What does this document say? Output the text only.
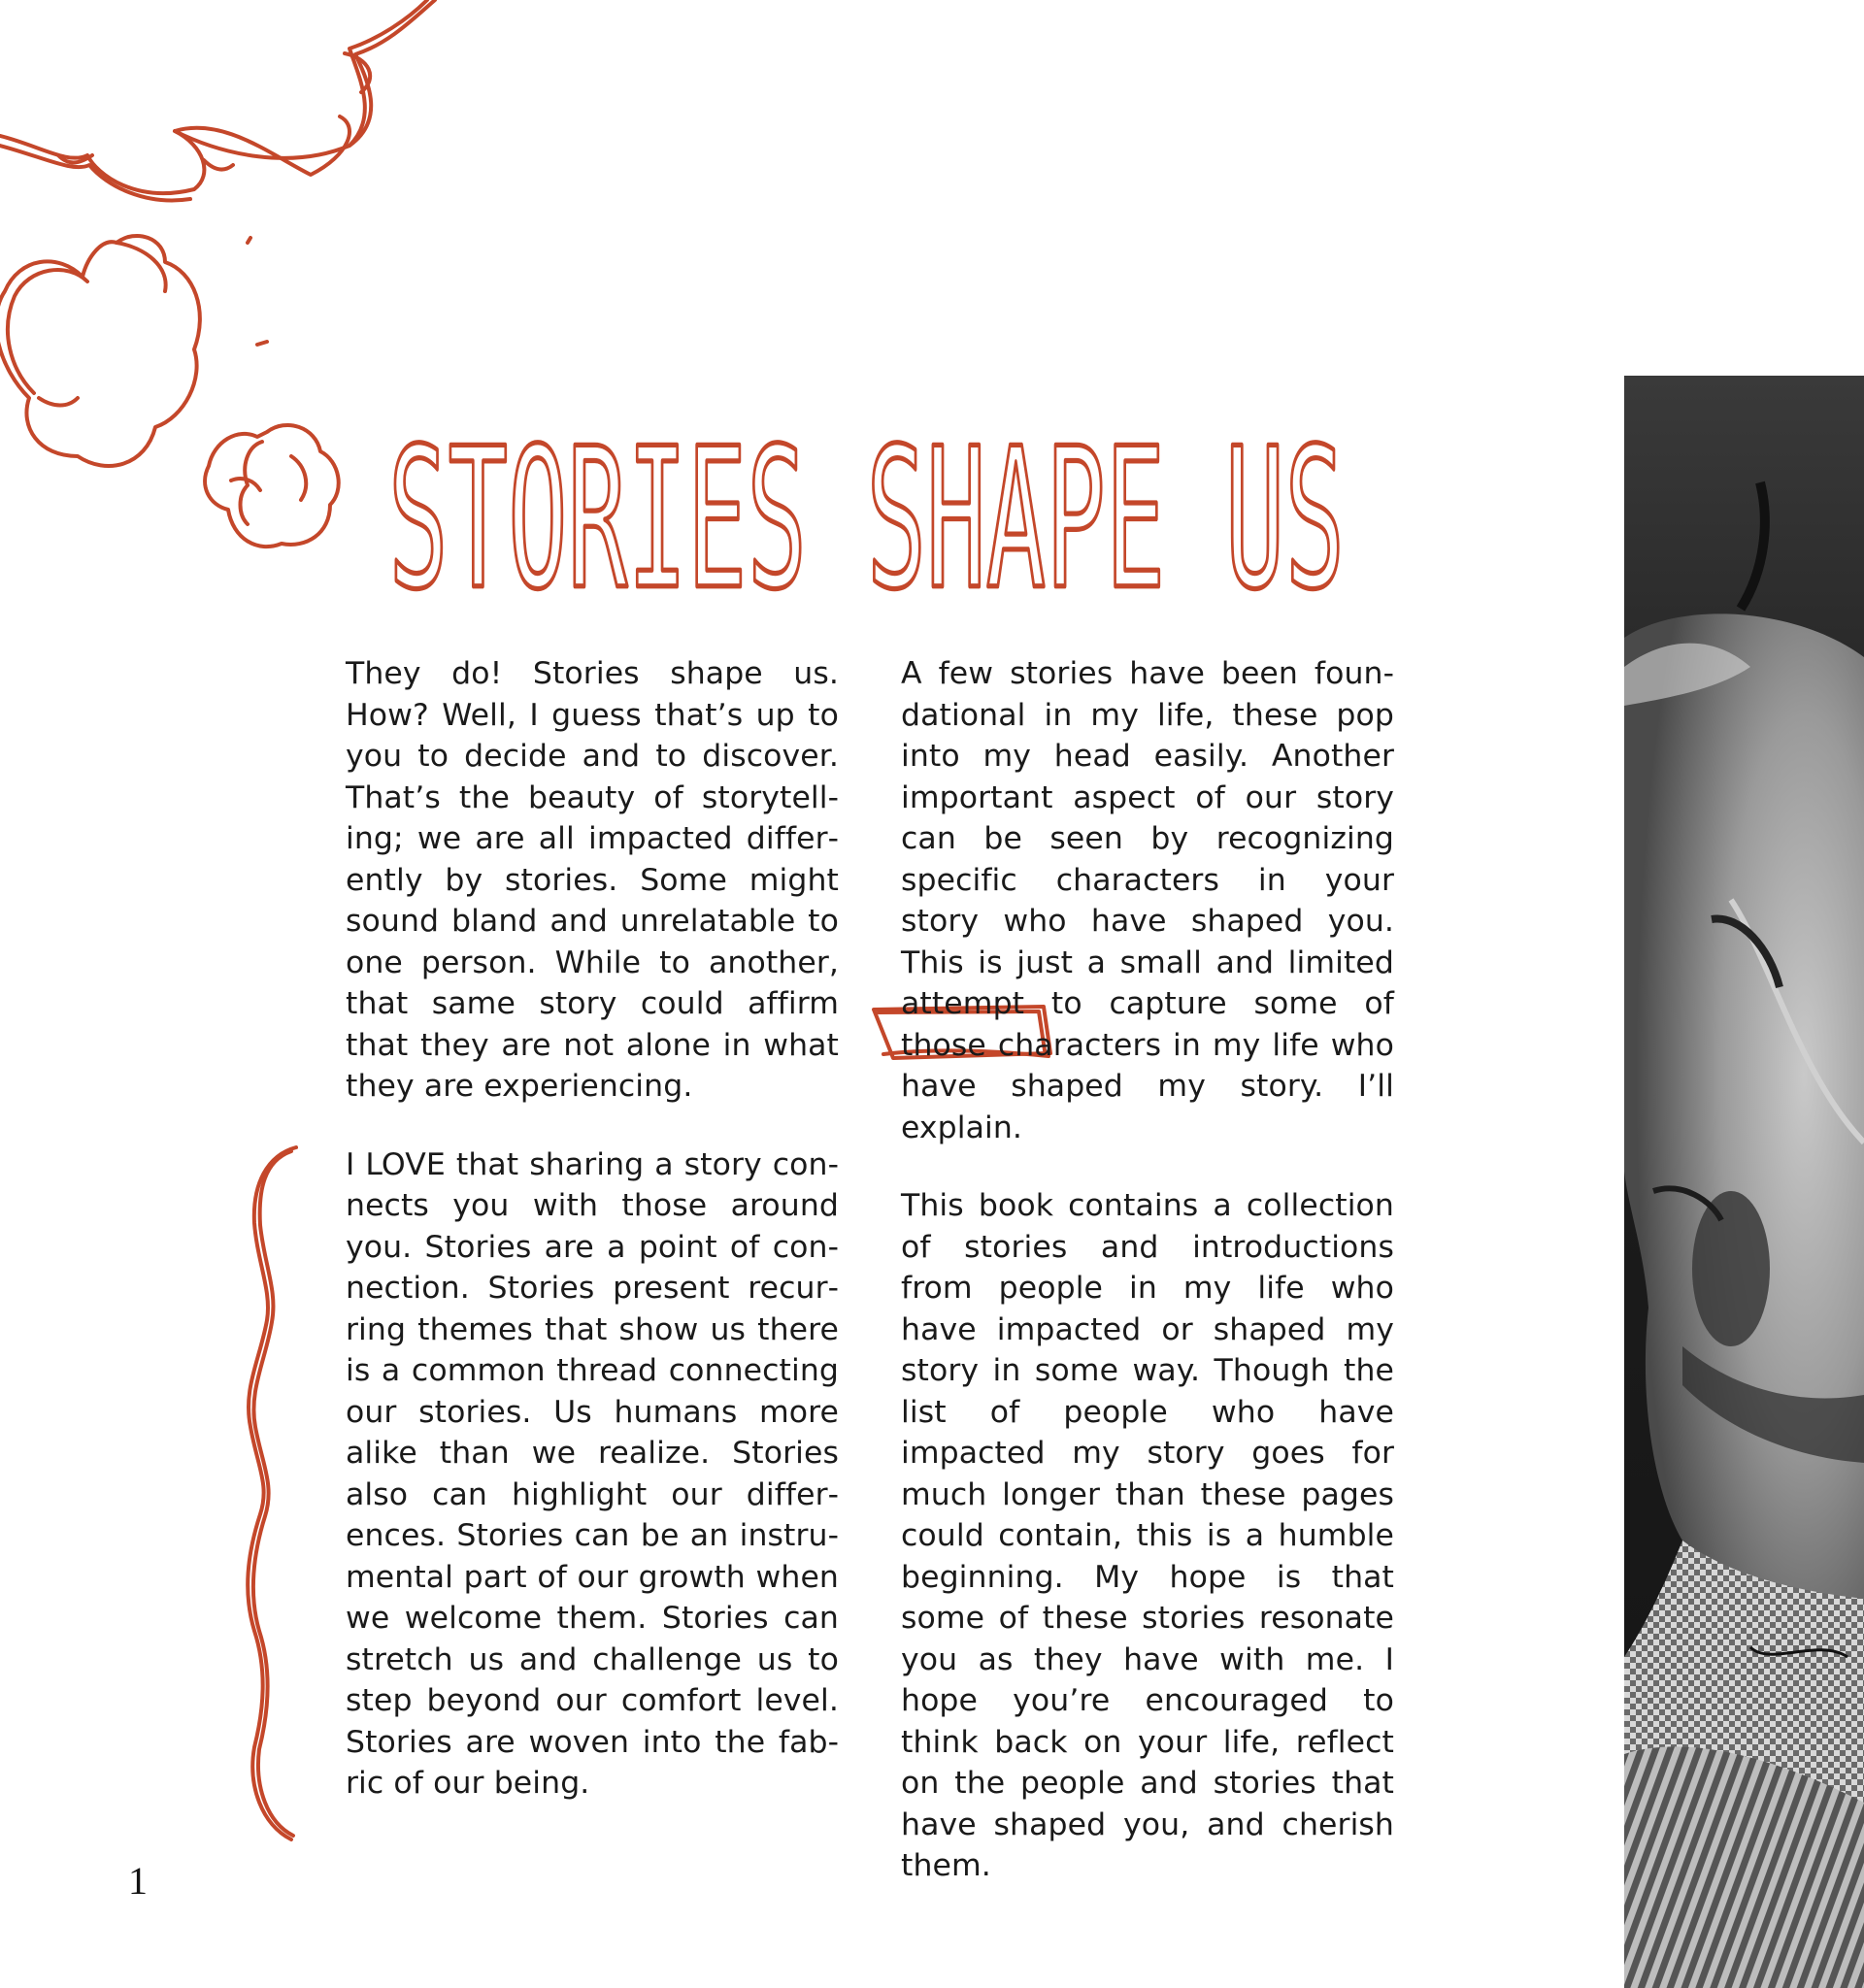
STORIES SHAPE US

They do! Stories shape us. How? Well, I guess that’s up to you to decide and to discover. That’s the beauty of storytelling; we are all impacted differently by stories. Some might sound bland and unrelatable to one person. While to another, that same story could affirm that they are not alone in what they are experiencing.

I LOVE that sharing a story connects you with those around you. Stories are a point of connection. Stories present recurring themes that show us there is a common thread connecting our stories. Us humans more alike than we realize. Stories also can highlight our differences. Stories can be an instrumental part of our growth when we welcome them. Stories can stretch us and challenge us to step beyond our comfort level. Stories are woven into the fabric of our being.

A few stories have been foundational in my life, these pop into my head easily. Another important aspect of our story can be seen by recognizing specific characters in your story who have shaped you. This is just a small and limited attempt to capture some of those characters in my life who have shaped my story. I’ll explain.

This book contains a collection of stories and introductions from people in my life who have impacted or shaped my story in some way. Though the list of people who have impacted my story goes for much longer than these pages could contain, this is a humble beginning. My hope is that some of these stories resonate you as they have with me. I hope you’re encouraged to think back on your life, reflect on the people and stories that have shaped you, and cherish them.

1
